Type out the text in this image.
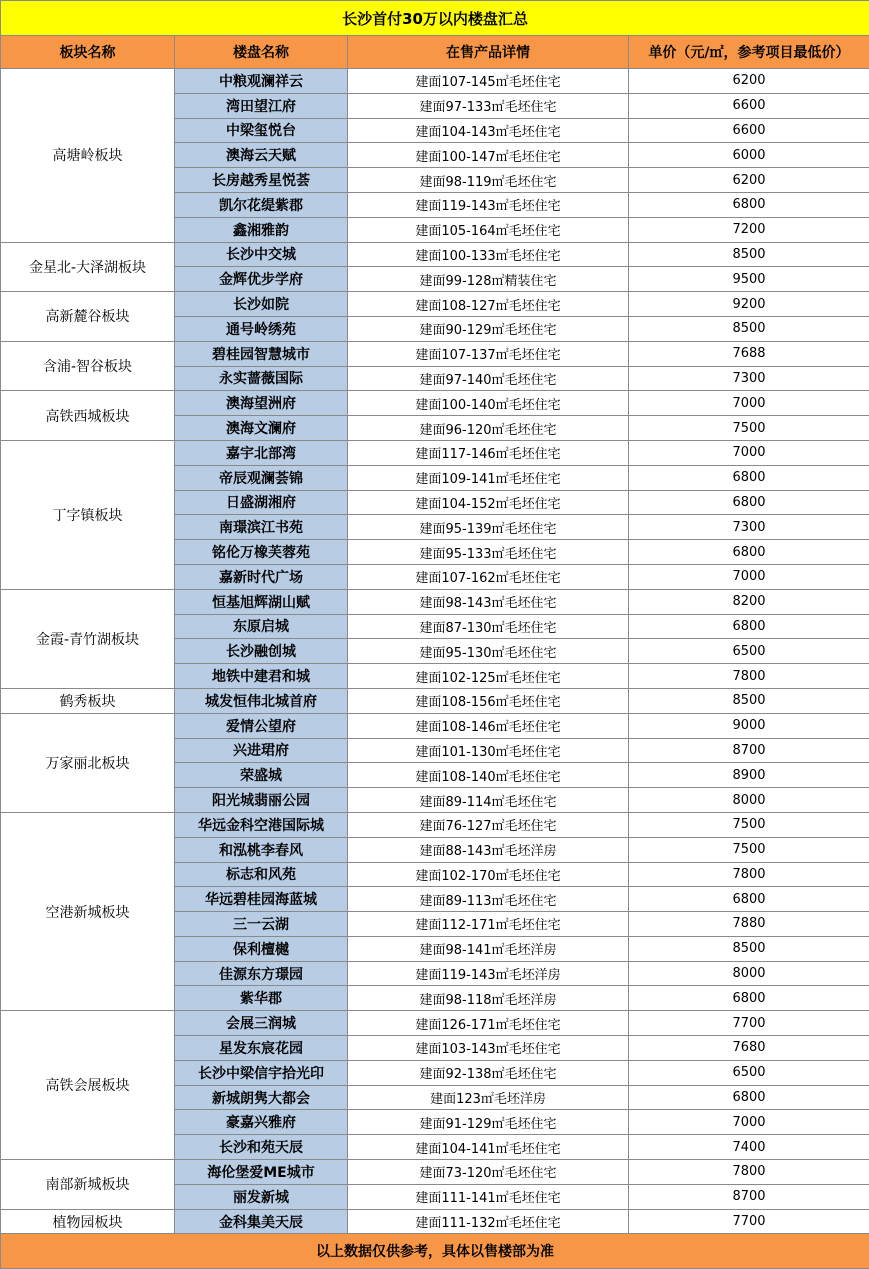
长沙首付30万以内楼盘汇总			
板块名称	楼盘名称	在售产品详情	单价（元/㎡，参考项目最低价）
高塘岭板块	中粮观澜祥云	建面107-145㎡毛坯住宅	6200
	湾田望江府	建面97-133㎡毛坯住宅	6600
	中梁玺悦台	建面104-143㎡毛坯住宅	6600
	澳海云天赋	建面100-147㎡毛坯住宅	6000
	长房越秀星悦荟	建面98-119㎡毛坯住宅	6200
	凯尔花缇紫郡	建面119-143㎡毛坯住宅	6800
	鑫湘雅韵	建面105-164㎡毛坯住宅	7200
金星北-大泽湖板块	长沙中交城	建面100-133㎡毛坯住宅	8500
	金辉优步学府	建面99-128㎡精装住宅	9500
高新麓谷板块	长沙如院	建面108-127㎡毛坯住宅	9200
	通号岭绣苑	建面90-129㎡毛坯住宅	8500
含浦-智谷板块	碧桂园智慧城市	建面107-137㎡毛坯住宅	7688
	永实蔷薇国际	建面97-140㎡毛坯住宅	7300
高铁西城板块	澳海望洲府	建面100-140㎡毛坯住宅	7000
	澳海文澜府	建面96-120㎡毛坯住宅	7500
丁字镇板块	嘉宇北部湾	建面117-146㎡毛坯住宅	7000
	帝辰观澜荟锦	建面109-141㎡毛坯住宅	6800
	日盛湖湘府	建面104-152㎡毛坯住宅	6800
	南璟滨江书苑	建面95-139㎡毛坯住宅	7300
	铭伦万橡芙蓉苑	建面95-133㎡毛坯住宅	6800
	嘉新时代广场	建面107-162㎡毛坯住宅	7000
金霞-青竹湖板块	恒基旭辉湖山赋	建面98-143㎡毛坯住宅	8200
	东原启城	建面87-130㎡毛坯住宅	6800
	长沙融创城	建面95-130㎡毛坯住宅	6500
	地铁中建君和城	建面102-125㎡毛坯住宅	7800
鹤秀板块	城发恒伟北城首府	建面108-156㎡毛坯住宅	8500
万家丽北板块	爱情公望府	建面108-146㎡毛坯住宅	9000
	兴进珺府	建面101-130㎡毛坯住宅	8700
	荣盛城	建面108-140㎡毛坯住宅	8900
	阳光城翡丽公园	建面89-114㎡毛坯住宅	8000
空港新城板块	华远金科空港国际城	建面76-127㎡毛坯住宅	7500
	和泓桃李春风	建面88-143㎡毛坯洋房	7500
	标志和风苑	建面102-170㎡毛坯住宅	7800
	华远碧桂园海蓝城	建面89-113㎡毛坯住宅	6800
	三一云湖	建面112-171㎡毛坯住宅	7880
	保利檀樾	建面98-141㎡毛坯洋房	8500
	佳源东方璟园	建面119-143㎡毛坯洋房	8000
	紫华郡	建面98-118㎡毛坯洋房	6800
高铁会展板块	会展三润城	建面126-171㎡毛坯住宅	7700
	星发东宸花园	建面103-143㎡毛坯住宅	7680
	长沙中梁信宇拾光印	建面92-138㎡毛坯住宅	6500
	新城朗隽大都会	建面123㎡毛坯洋房	6800
	豪嘉兴雅府	建面91-129㎡毛坯住宅	7000
	长沙和苑天辰	建面104-141㎡毛坯住宅	7400
南部新城板块	海伦堡爱ME城市	建面73-120㎡毛坯住宅	7800
	丽发新城	建面111-141㎡毛坯住宅	8700
植物园板块	金科集美天辰	建面111-132㎡毛坯住宅	7700
以上数据仅供参考，具体以售楼部为准			
